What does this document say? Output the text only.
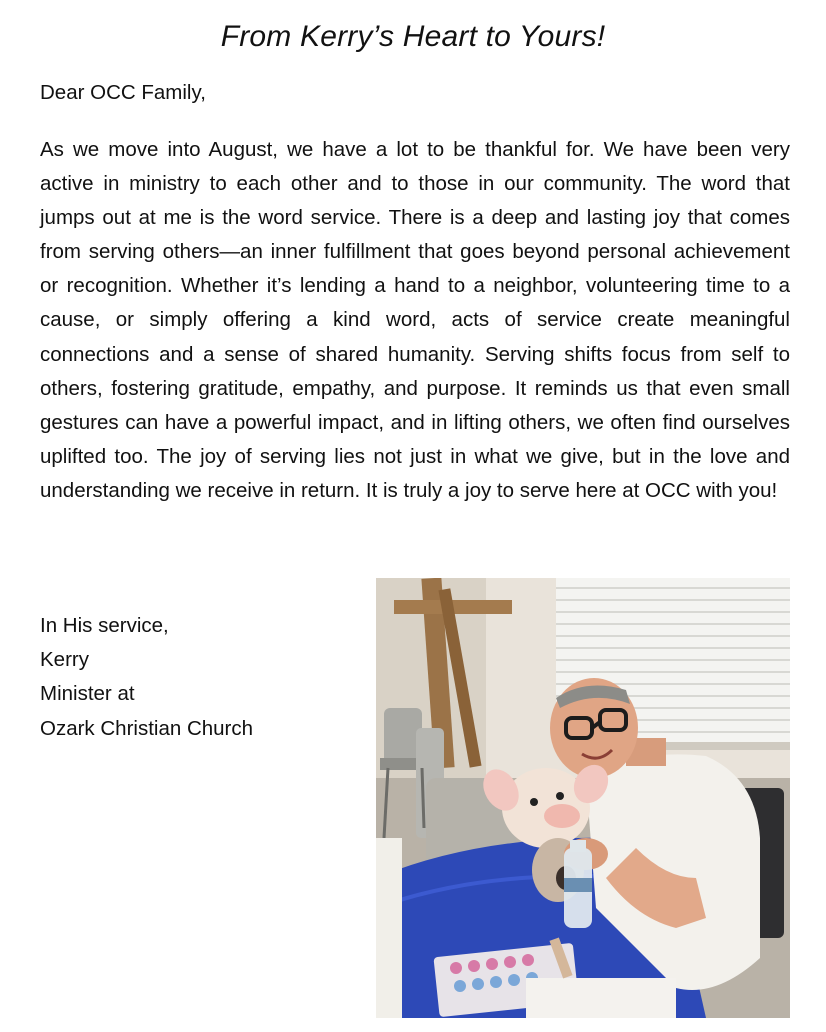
From Kerry’s Heart to Yours!
Dear OCC Family,

As we move into August, we have a lot to be thankful for. We have been very active in ministry to each other and to those in our community. The word that jumps out at me is the word service. There is a deep and lasting joy that comes from serving others—an inner fulfillment that goes beyond personal achievement or recognition. Whether it’s lending a hand to a neighbor, volunteering time to a cause, or simply offering a kind word, acts of service create meaningful connections and a sense of shared humanity. Serving shifts focus from self to others, fostering gratitude, empathy, and purpose. It reminds us that even small gestures can have a powerful impact, and in lifting others, we often find ourselves uplifted too. The joy of serving lies not just in what we give, but in the love and understanding we receive in return. It is truly a joy to serve here at OCC with you!

In His service,
Kerry
Minister at
Ozark Christian Church
